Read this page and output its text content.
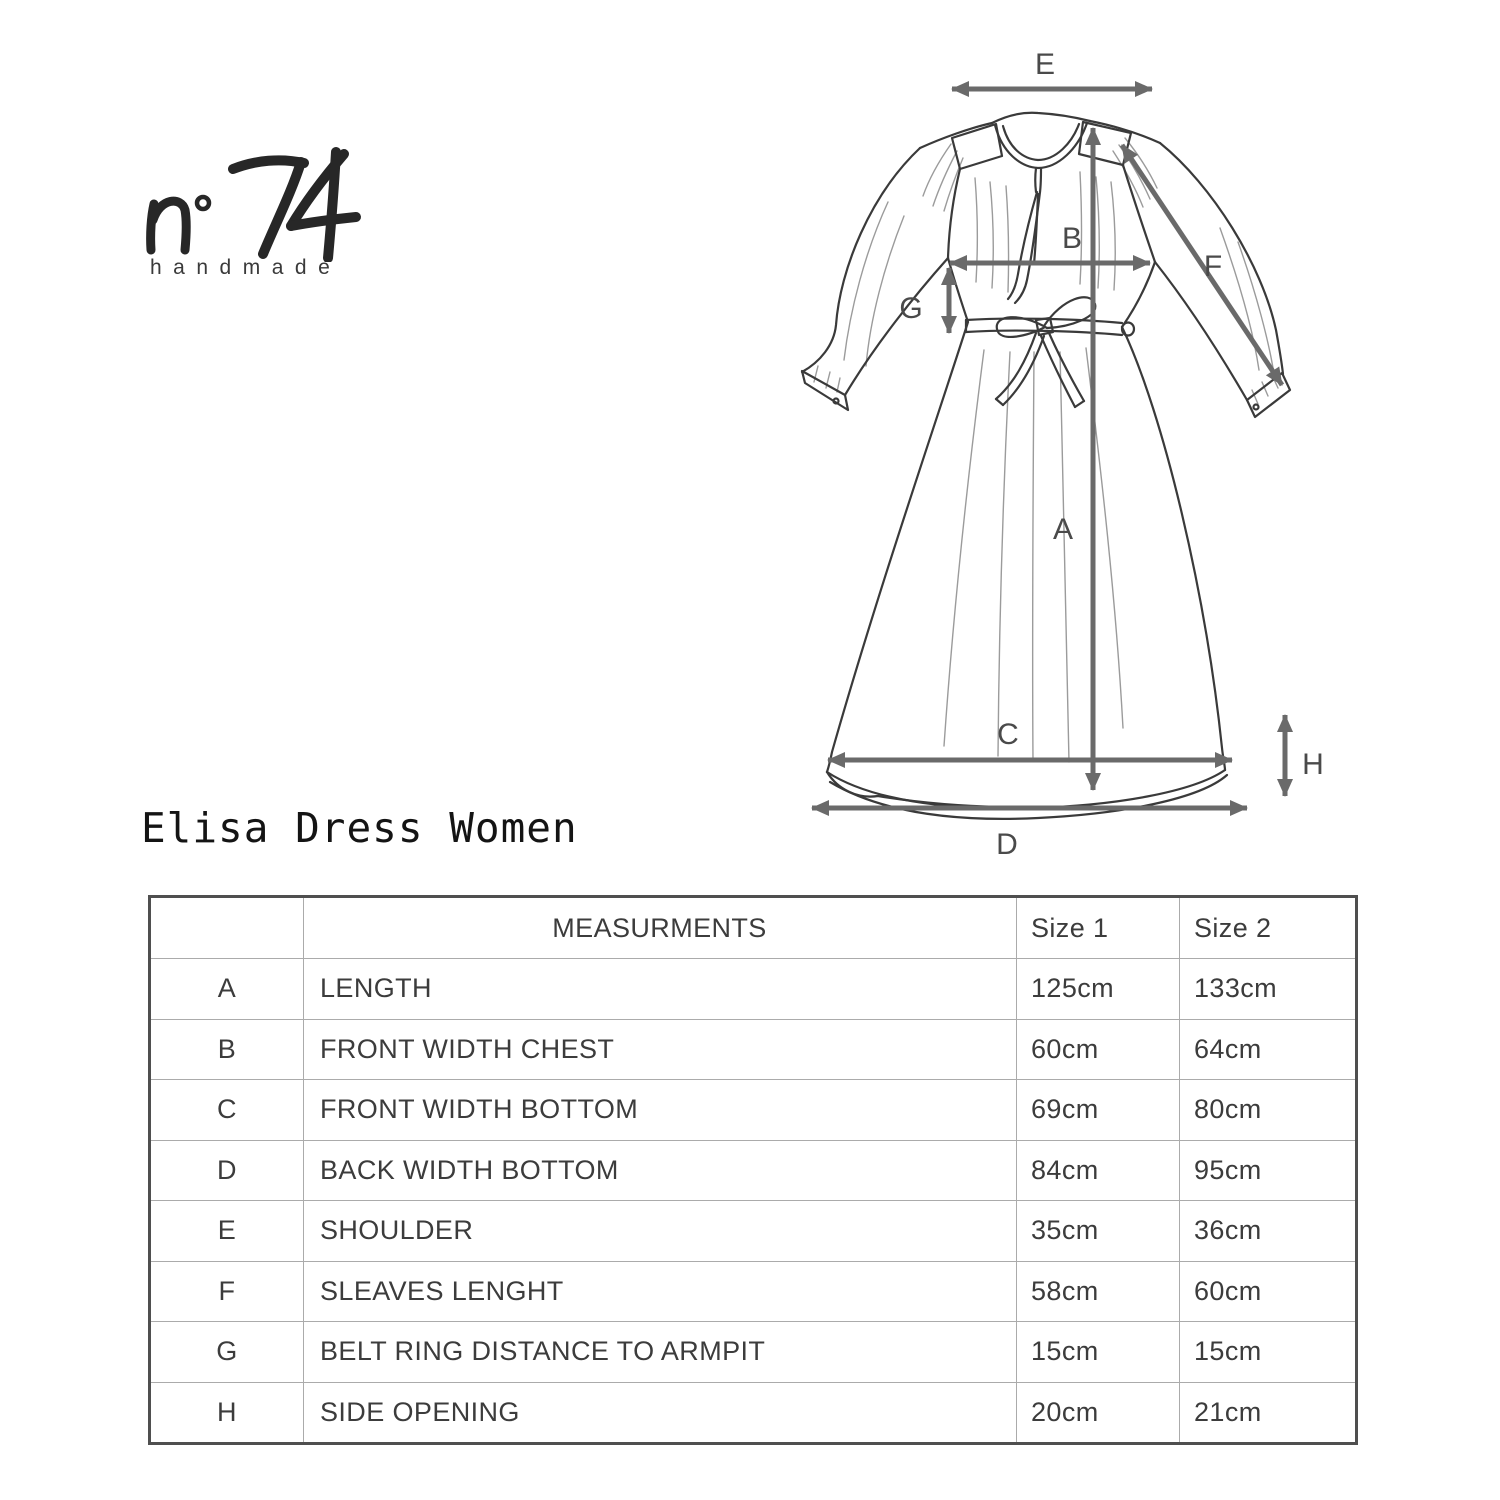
handmade
Elisa Dress Women
E
B
G
F
A
C
D
H
	MEASURMENTS	Size 1	Size 2
A	LENGTH	125cm	133cm
B	FRONT WIDTH CHEST	60cm	64cm
C	FRONT WIDTH BOTTOM	69cm	80cm
D	BACK WIDTH BOTTOM	84cm	95cm
E	SHOULDER	35cm	36cm
F	SLEAVES LENGHT	58cm	60cm
G	BELT RING DISTANCE TO ARMPIT	15cm	15cm
H	SIDE OPENING	20cm	21cm
